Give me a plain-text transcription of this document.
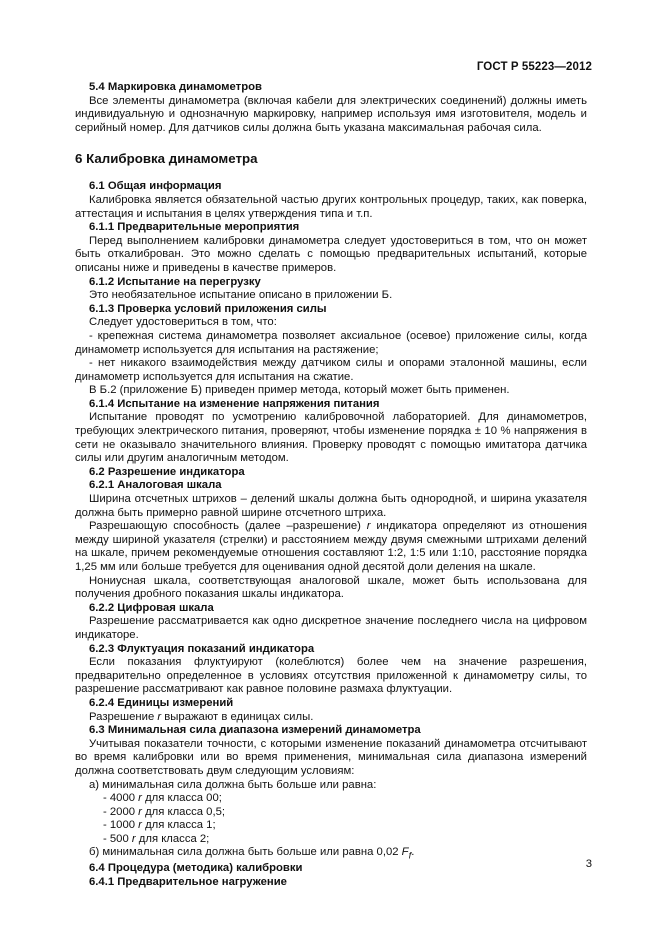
ГОСТ Р 55223—2012

5.4 Маркировка динамометров

Все элементы динамометра (включая кабели для электрических соединений) должны иметь индивидуальную и однозначную маркировку, например используя имя изготовителя, модель и серийный номер. Для датчиков силы должна быть указана максимальная рабочая сила.

6 Калибровка динамометра

6.1 Общая информация

Калибровка является обязательной частью других контрольных процедур, таких, как поверка, аттестация и испытания в целях утверждения типа и т.п.

6.1.1 Предварительные мероприятия

Перед выполнением калибровки динамометра следует удостовериться в том, что он может быть откалиброван. Это можно сделать с помощью предварительных испытаний, которые описаны ниже и приведены в качестве примеров.

6.1.2 Испытание на перегрузку

Это необязательное испытание описано в приложении Б.

6.1.3 Проверка условий приложения силы

Следует удостовериться в том, что:

- крепежная система динамометра позволяет аксиальное (осевое) приложение силы, когда динамометр используется для испытания на растяжение;

- нет никакого взаимодействия между датчиком силы и опорами эталонной машины, если динамометр используется для испытания на сжатие.

В Б.2 (приложение Б) приведен пример метода, который может быть применен.

6.1.4 Испытание на изменение напряжения питания

Испытание проводят по усмотрению калибровочной лабораторией. Для динамометров, требующих электрического питания, проверяют, чтобы изменение порядка ± 10 % напряжения в сети не оказывало значительного влияния. Проверку проводят с помощью имитатора датчика силы или другим аналогичным методом.

6.2 Разрешение индикатора

6.2.1 Аналоговая шкала

Ширина отсчетных штрихов – делений шкалы должна быть однородной, и ширина указателя должна быть примерно равной ширине отсчетного штриха.

Разрешающую способность (далее –разрешение) r индикатора определяют из отношения между шириной указателя (стрелки) и расстоянием между двумя смежными штрихами делений на шкале, причем рекомендуемые отношения составляют 1:2, 1:5 или 1:10, расстояние порядка 1,25 мм или больше требуется для оценивания одной десятой доли деления на шкале.

Нониусная шкала, соответствующая аналоговой шкале, может быть использована для получения дробного показания шкалы индикатора.

6.2.2 Цифровая шкала

Разрешение рассматривается как одно дискретное значение последнего числа на цифровом индикаторе.

6.2.3 Флуктуация показаний индикатора

Если показания флуктуируют (колеблются) более чем на значение разрешения, предварительно определенное в условиях отсутствия приложенной к динамометру силы, то разрешение рассматривают как равное половине размаха флуктуации.

6.2.4 Единицы измерений

Разрешение r выражают в единицах силы.

6.3 Минимальная сила диапазона измерений динамометра

Учитывая показатели точности, с которыми изменение показаний динамометра отсчитывают во время калибровки или во время применения, минимальная сила диапазона измерений должна соответствовать двум следующим условиям:

а) минимальная сила должна быть больше или равна:

- 4000 r для класса 00;

- 2000 r для класса 0,5;

- 1000 r для класса 1;

- 500 r для класса 2;

б) минимальная сила должна быть больше или равна 0,02 $F_f$.

6.4 Процедура (методика) калибровки

6.4.1 Предварительное нагружение

3
